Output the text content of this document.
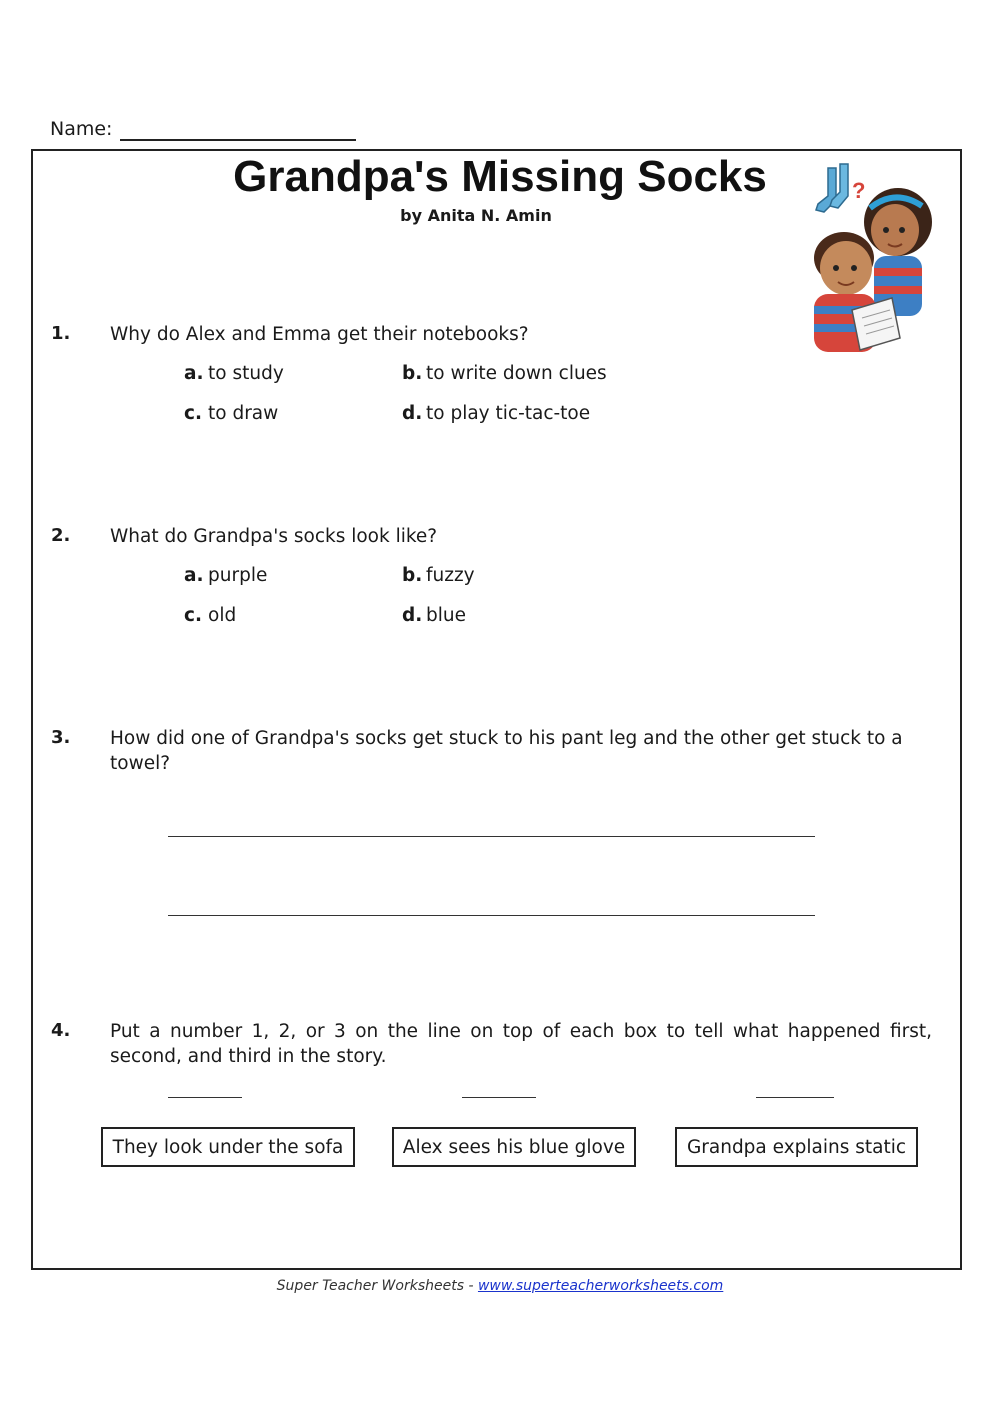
Name:
Grandpa's Missing Socks
by Anita N. Amin
?
1. Why do Alex and Emma get their notebooks?
a. to study	b. to write down clues
c. to draw	d. to play tic-tac-toe
2. What do Grandpa's socks look like?
a. purple	b. fuzzy
c. old	d. blue
3. How did one of Grandpa's socks get stuck to his pant leg and the other get stuck to a towel?
4. Put a number 1, 2, or 3 on the line on top of each box to tell what happened first, second, and third in the story.
They look under the sofa	Alex sees his blue glove	Grandpa explains static
Super Teacher Worksheets - www.superteacherworksheets.com
